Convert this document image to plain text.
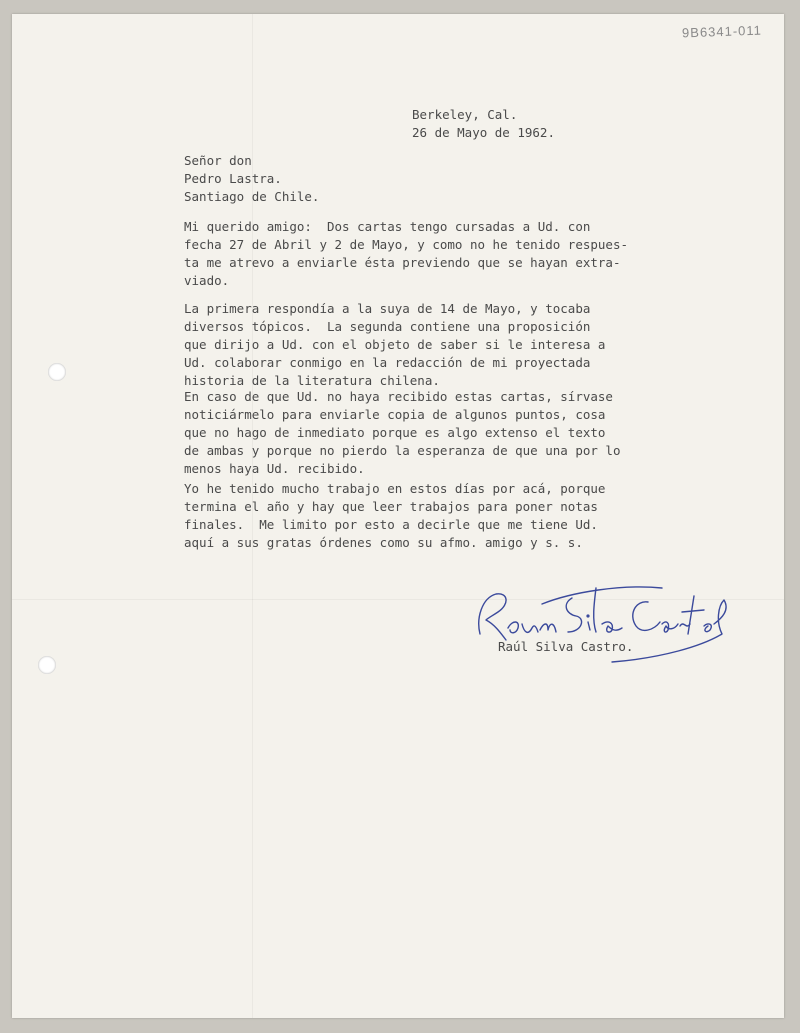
9B6341-011
Berkeley, Cal.
26 de Mayo de 1962.
Señor don
Pedro Lastra.
Santiago de Chile.
Mi querido amigo:  Dos cartas tengo cursadas a Ud. con
fecha 27 de Abril y 2 de Mayo, y como no he tenido respues-
ta me atrevo a enviarle ésta previendo que se hayan extra-
viado.
La primera respondía a la suya de 14 de Mayo, y tocaba
diversos tópicos.  La segunda contiene una proposición
que dirijo a Ud. con el objeto de saber si le interesa a
Ud. colaborar conmigo en la redacción de mi proyectada
historia de la literatura chilena.
En caso de que Ud. no haya recibido estas cartas, sírvase
noticiármelo para enviarle copia de algunos puntos, cosa
que no hago de inmediato porque es algo extenso el texto
de ambas y porque no pierdo la esperanza de que una por lo
menos haya Ud. recibido.
Yo he tenido mucho trabajo en estos días por acá, porque
termina el año y hay que leer trabajos para poner notas
finales.  Me limito por esto a decirle que me tiene Ud.
aquí a sus gratas órdenes como su afmo. amigo y s. s.
Raúl Silva Castro.
